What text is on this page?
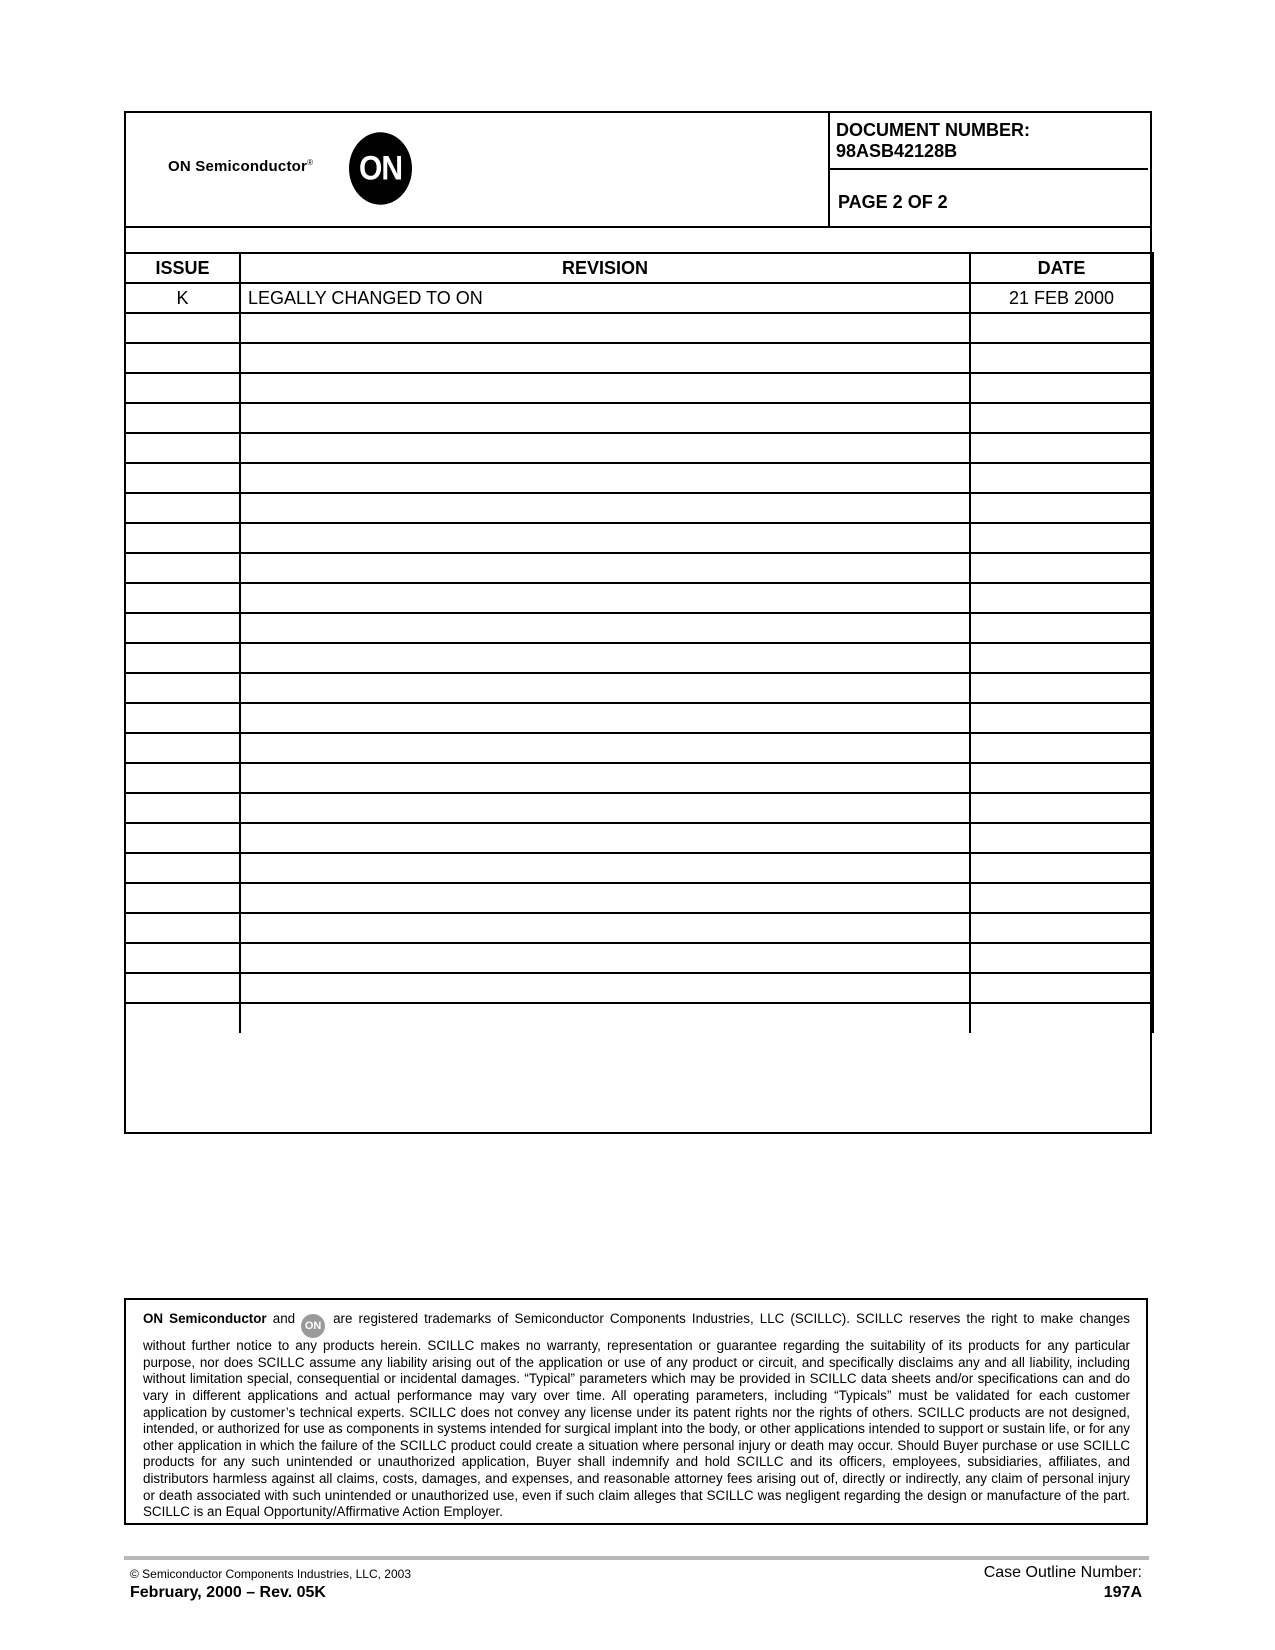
ON Semiconductor® ON
DOCUMENT NUMBER:
98ASB42128B
PAGE 2 OF 2
ISSUE	REVISION	DATE
K	LEGALLY CHANGED TO ON	21 FEB 2000

ON Semiconductor and ON are registered trademarks of Semiconductor Components Industries, LLC (SCILLC). SCILLC reserves the right to make changes without further notice to any products herein. SCILLC makes no warranty, representation or guarantee regarding the suitability of its products for any particular purpose, nor does SCILLC assume any liability arising out of the application or use of any product or circuit, and specifically disclaims any and all liability, including without limitation special, consequential or incidental damages. “Typical” parameters which may be provided in SCILLC data sheets and/or specifications can and do vary in different applications and actual performance may vary over time. All operating parameters, including “Typicals” must be validated for each customer application by customer’s technical experts. SCILLC does not convey any license under its patent rights nor the rights of others. SCILLC products are not designed, intended, or authorized for use as components in systems intended for surgical implant into the body, or other applications intended to support or sustain life, or for any other application in which the failure of the SCILLC product could create a situation where personal injury or death may occur. Should Buyer purchase or use SCILLC products for any such unintended or unauthorized application, Buyer shall indemnify and hold SCILLC and its officers, employees, subsidiaries, affiliates, and distributors harmless against all claims, costs, damages, and expenses, and reasonable attorney fees arising out of, directly or indirectly, any claim of personal injury or death associated with such unintended or unauthorized use, even if such claim alleges that SCILLC was negligent regarding the design or manufacture of the part. SCILLC is an Equal Opportunity/Affirmative Action Employer.
© Semiconductor Components Industries, LLC, 2003
February, 2000 – Rev. 05K
Case Outline Number:
197A
